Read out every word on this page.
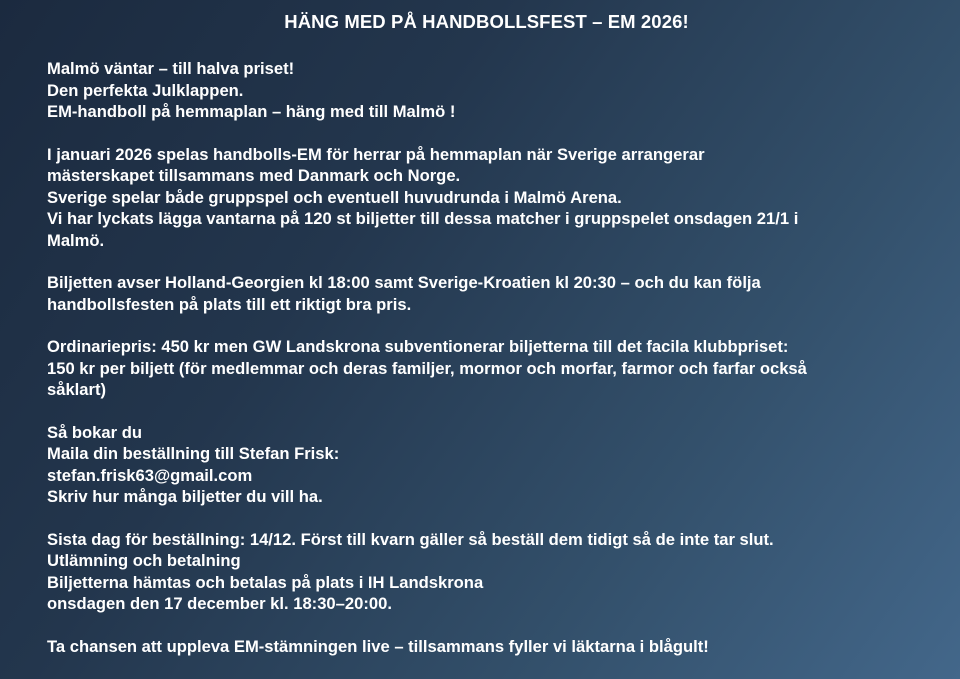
HÄNG MED PÅ HANDBOLLSFEST – EM 2026!
Malmö väntar – till halva priset!
Den perfekta Julklappen.
EM-handboll på hemmaplan – häng med till Malmö !
I januari 2026 spelas handbolls-EM för herrar på hemmaplan när Sverige arrangerar
mästerskapet tillsammans med Danmark och Norge.
Sverige spelar både gruppspel och eventuell huvudrunda i Malmö Arena.
Vi har lyckats lägga vantarna på 120 st biljetter till dessa matcher i gruppspelet onsdagen 21/1 i
Malmö.
Biljetten avser Holland-Georgien kl 18:00 samt Sverige-Kroatien kl 20:30 – och du kan följa
handbollsfesten på plats till ett riktigt bra pris.
Ordinariepris: 450 kr men GW Landskrona subventionerar biljetterna till det facila klubbpriset:
150 kr per biljett (för medlemmar och deras familjer, mormor och morfar, farmor och farfar också
såklart)
Så bokar du
Maila din beställning till Stefan Frisk:
stefan.frisk63@gmail.com
Skriv hur många biljetter du vill ha.
Sista dag för beställning: 14/12. Först till kvarn gäller så beställ dem tidigt så de inte tar slut.
Utlämning och betalning
Biljetterna hämtas och betalas på plats i IH Landskrona
onsdagen den 17 december kl. 18:30–20:00.
Ta chansen att uppleva EM-stämningen live – tillsammans fyller vi läktarna i blågult!
